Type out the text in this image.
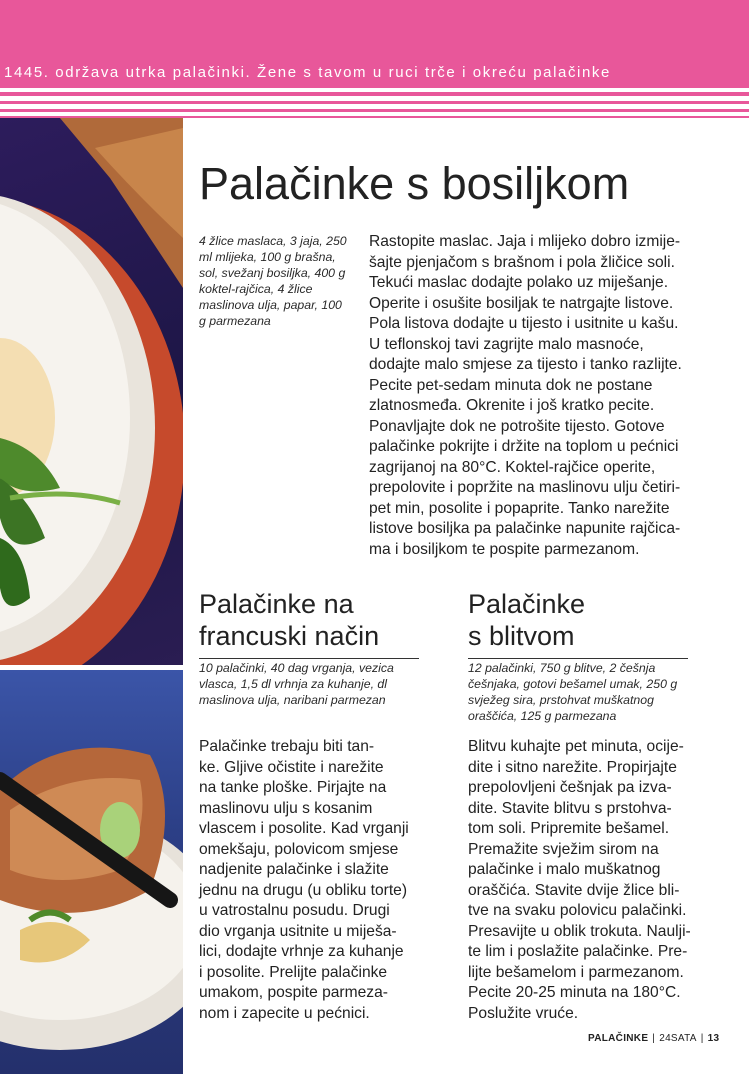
1445. održava utrka palačinki. Žene s tavom u ruci trče i okreću palačinke
Palačinke s bosiljkom

4 žlice maslaca, 3 jaja, 250 ml mlijeka, 100 g brašna, sol, svežanj bosiljka, 400 g koktel-rajčica, 4 žlice maslinova ulja, papar, 100 g parmezana

Rastopite maslac. Jaja i mlijeko dobro izmije-
šajte pjenjačom s brašnom i pola žličice soli.
Tekući maslac dodajte polako uz miješanje.
Operite i osušite bosiljak te natrgajte listove.
Pola listova dodajte u tijesto i usitnite u kašu.
U teflonskoj tavi zagrijte malo masnoće,
dodajte malo smjese za tijesto i tanko razlijte.
Pecite pet-sedam minuta dok ne postane
zlatnosmeđa. Okrenite i još kratko pecite.
Ponavljajte dok ne potrošite tijesto. Gotove
palačinke pokrijte i držite na toplom u pećnici
zagrijanoj na 80°C. Koktel-rajčice operite,
prepolovite i popržite na maslinovu ulju četiri-
pet min, posolite i popaprite. Tanko narežite
listove bosiljka pa palačinke napunite rajčica-
ma i bosiljkom te pospite parmezanom.
Palačinke na
francuski način

10 palačinki, 40 dag vrganja, vezica vlasca, 1,5 dl vrhnja za kuhanje, dl maslinova ulja, naribani parmezan

Palačinke trebaju biti tan-
ke. Gljive očistite i narežite
na tanke ploške. Pirjajte na
maslinovu ulju s kosanim
vlascem i posolite. Kad vrganji
omekšaju, polovicom smjese
nadjenite palačinke i slažite
jednu na drugu (u obliku torte)
u vatrostalnu posudu. Drugi
dio vrganja usitnite u miješa-
lici, dodajte vrhnje za kuhanje
i posolite. Prelijte palačinke
umakom, pospite parmeza-
nom i zapecite u pećnici.
Palačinke
s blitvom

12 palačinki, 750 g blitve, 2 češnja češnjaka, gotovi bešamel umak, 250 g svježeg sira, prstohvat muškatnog oraščića, 125 g parmezana

Blitvu kuhajte pet minuta, ocije-
dite i sitno narežite. Propirjajte
prepolovljeni češnjak pa izva-
dite. Stavite blitvu s prstohva-
tom soli. Pripremite bešamel.
Premažite svježim sirom na
palačinke i malo muškatnog
oraščića. Stavite dvije žlice bli-
tve na svaku polovicu palačinki.
Presavijte u oblik trokuta. Naulji-
te lim i poslažite palačinke. Pre-
lijte bešamelom i parmezanom.
Pecite 20-25 minuta na 180°C.
Poslužite vruće.
PALAČINKE | 24SATA | 13
